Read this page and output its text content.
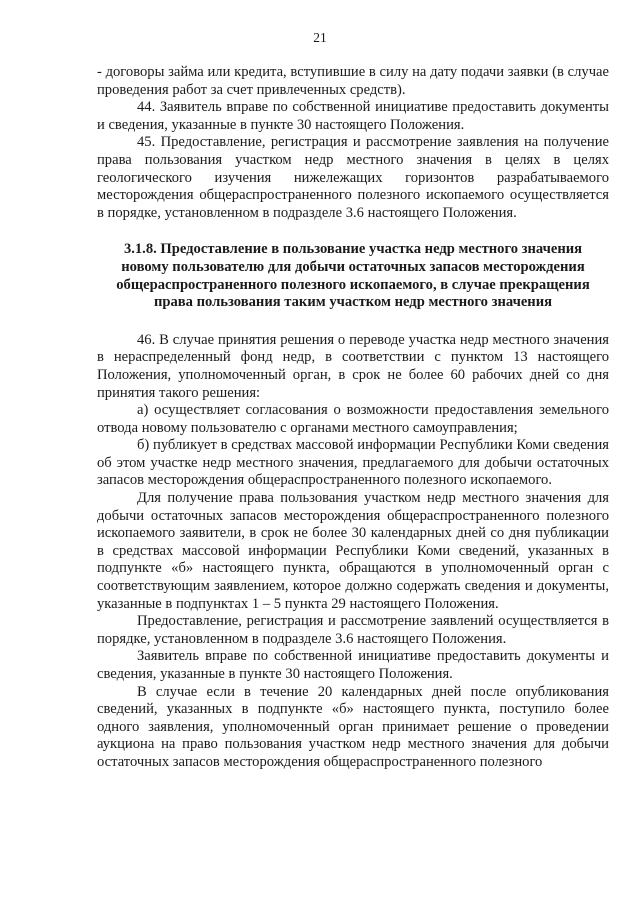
21

- договоры займа или кредита, вступившие в силу на дату подачи заявки (в случае проведения работ за счет привлеченных средств).

44. Заявитель вправе по собственной инициативе предоставить документы и сведения, указанные в пункте 30 настоящего Положения.

45. Предоставление, регистрация и рассмотрение заявления на получение права пользования участком недр местного значения в целях в целях геологического изучения нижележащих горизонтов разрабатываемого месторождения общераспространенного полезного ископаемого осуществляется в порядке, установленном в подразделе 3.6 настоящего Положения.

3.1.8. Предоставление в пользование участка недр местного значения новому пользователю для добычи остаточных запасов месторождения общераспространенного полезного ископаемого, в случае прекращения права пользования таким участком недр местного значения

46. В случае принятия решения о переводе участка недр местного значения в нераспределенный фонд недр, в соответствии с пунктом 13 настоящего Положения, уполномоченный орган, в срок не более 60 рабочих дней со дня принятия такого решения:

а) осуществляет согласования о возможности предоставления земельного отвода новому пользователю с органами местного самоуправления;

б) публикует в средствах массовой информации Республики Коми сведения об этом участке недр местного значения, предлагаемого для добычи остаточных запасов месторождения общераспространенного полезного ископаемого.

Для получение права пользования участком недр местного значения для добычи остаточных запасов месторождения общераспространенного полезного ископаемого заявители, в срок не более 30 календарных дней со дня публикации в средствах массовой информации Республики Коми сведений, указанных в подпункте «б» настоящего пункта, обращаются в уполномоченный орган с соответствующим заявлением, которое должно содержать сведения и документы, указанные в подпунктах 1 – 5 пункта 29 настоящего Положения.

Предоставление, регистрация и рассмотрение заявлений осуществляется в порядке, установленном в подразделе 3.6 настоящего Положения.

Заявитель вправе по собственной инициативе предоставить документы и сведения, указанные в пункте 30 настоящего Положения.

В случае если в течение 20 календарных дней после опубликования сведений, указанных в подпункте «б» настоящего пункта, поступило более одного заявления, уполномоченный орган принимает решение о проведении аукциона на право пользования участком недр местного значения для добычи остаточных запасов месторождения общераспространенного полезного
